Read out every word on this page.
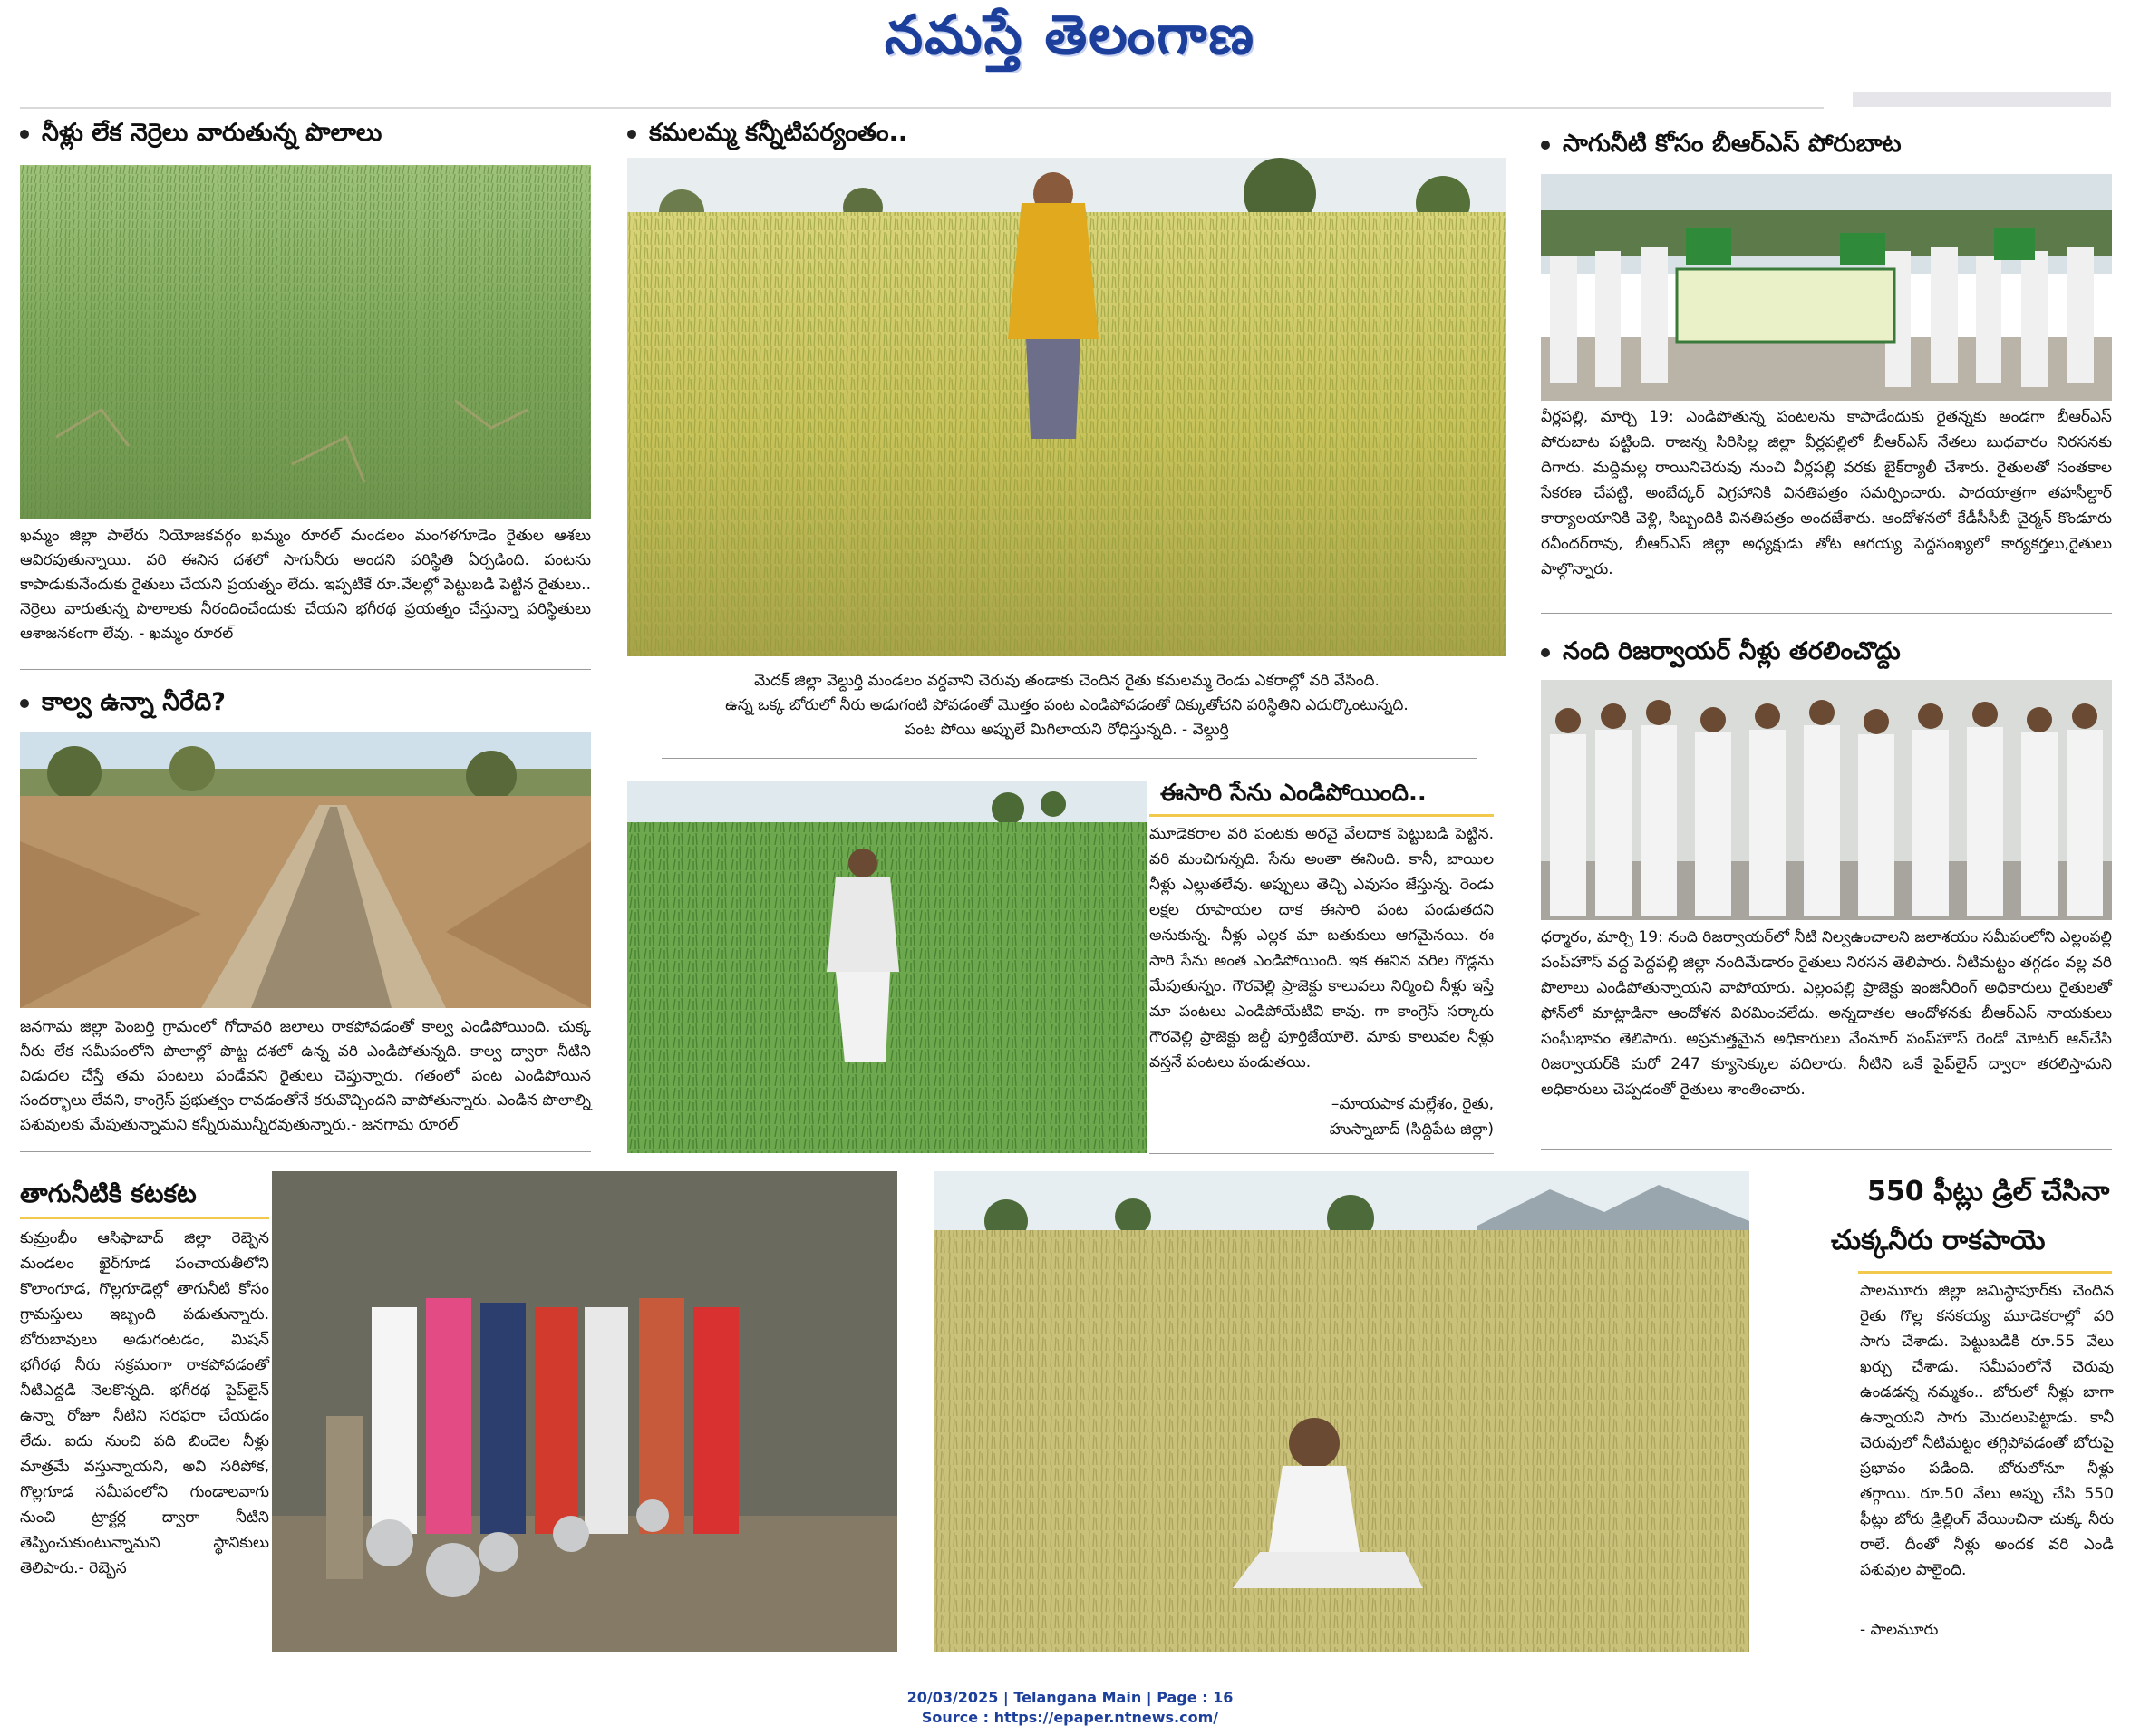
నమస్తే తెలంగాణ
నీళ్లు లేక నెర్రెలు వారుతున్న పొలాలు
ఖమ్మం జిల్లా పాలేరు నియోజకవర్గం ఖమ్మం రూరల్ మండలం మంగళగూడెం రైతుల ఆశలు ఆవిరవుతున్నాయి. వరి ఈనిన దశలో సాగునీరు అందని పరిస్థితి ఏర్పడింది. పంటను కాపాడుకునేందుకు రైతులు చేయని ప్రయత్నం లేదు. ఇప్పటికే రూ.వేలల్లో పెట్టుబడి పెట్టిన రైతులు.. నెర్రెలు వారుతున్న పొలాలకు నీరందించేందుకు చేయని భగీరథ ప్రయత్నం చేస్తున్నా పరిస్థితులు ఆశాజనకంగా లేవు. - ఖమ్మం రూరల్
కాల్వ ఉన్నా నీరేది?
జనగామ జిల్లా పెంబర్తి గ్రామంలో గోదావరి జలాలు రాకపోవడంతో కాల్వ ఎండిపోయింది. చుక్క నీరు లేక సమీపంలోని పొలాల్లో పొట్ట దశలో ఉన్న వరి ఎండిపోతున్నది. కాల్వ ద్వారా నీటిని విడుదల చేస్తే తమ పంటలు పండేవని రైతులు చెప్తున్నారు. గతంలో పంట ఎండిపోయిన సందర్భాలు లేవని, కాంగ్రెస్ ప్రభుత్వం రావడంతోనే కరువొచ్చిందని వాపోతున్నారు. ఎండిన పొలాల్ని పశువులకు మేపుతున్నామని కన్నీరుమున్నీరవుతున్నారు.- జనగామ రూరల్
కమలమ్మ కన్నీటిపర్యంతం..
మెదక్ జిల్లా వెల్దుర్తి మండలం వర్దవాని చెరువు తండాకు చెందిన రైతు కమలమ్మ రెండు ఎకరాల్లో వరి వేసింది.
ఉన్న ఒక్క బోరులో నీరు అడుగంటి పోవడంతో మొత్తం పంట ఎండిపోవడంతో దిక్కుతోచని పరిస్థితిని ఎదుర్కొంటున్నది.
పంట పోయి అప్పులే మిగిలాయని రోధిస్తున్నది. - వెల్దుర్తి
ఈసారి సేను ఎండిపోయింది..
మూడెకరాల వరి పంటకు అరవై వేలదాక పెట్టుబడి పెట్టిన. వరి మంచిగున్నది. సేను అంతా ఈనింది. కానీ, బాయిల నీళ్లు ఎల్లుతలేవు. అప్పులు తెచ్చి ఎవుసం జేస్తున్న. రెండు లక్షల రూపాయల దాక ఈసారి పంట పండుతదని అనుకున్న. నీళ్లు ఎల్లక మా బతుకులు ఆగమైనయి. ఈ సారి సేను అంత ఎండిపోయింది. ఇక ఈనిన వరిల గొడ్లను మేపుతున్నం. గౌరవెల్లి ప్రాజెక్టు కాలువలు నిర్మించి నీళ్లు ఇస్తే మా పంటలు ఎండిపోయేటివి కావు. గా కాంగ్రెస్ సర్కారు గౌరవెల్లి ప్రాజెక్టు జల్దీ పూర్తిజేయాలె. మాకు కాలువల నీళ్లు వస్తనే పంటలు పండుతయి.
–మాయపాక మల్లేశం, రైతు,
హుస్నాబాద్ (సిద్దిపేట జిల్లా)
సాగునీటి కోసం బీఆర్ఎస్ పోరుబాట
వీర్లపల్లి, మార్చి 19: ఎండిపోతున్న పంటలను కాపాడేందుకు రైతన్నకు అండగా బీఆర్ఎస్ పోరుబాట పట్టింది. రాజన్న సిరిసిల్ల జిల్లా వీర్లపల్లిలో బీఆర్ఎస్ నేతలు బుధవారం నిరసనకు దిగారు. మద్దిమల్ల రాయినిచెరువు నుంచి వీర్లపల్లి వరకు బైక్‌ర్యాలీ చేశారు. రైతులతో సంతకాల సేకరణ చేపట్టి, అంబేద్కర్ విగ్రహానికి వినతిపత్రం సమర్పించారు. పాదయాత్రగా తహసీల్దార్ కార్యాలయానికి వెళ్లి, సిబ్బందికి వినతిపత్రం అందజేశారు. ఆందోళనలో కేడీసీసీబీ చైర్మన్ కొండూరు రవీందర్‌రావు, బీఆర్ఎస్ జిల్లా అధ్యక్షుడు తోట ఆగయ్య పెద్దసంఖ్యలో కార్యకర్తలు,రైతులు పాల్గొన్నారు.
నంది రిజర్వాయర్ నీళ్లు తరలించొద్దు
ధర్మారం, మార్చి 19: నంది రిజర్వాయర్‌లో నీటి నిల్వఉంచాలని జలాశయం సమీపంలోని ఎల్లంపల్లి పంప్‌హౌస్ వద్ద పెద్దపల్లి జిల్లా నందిమేడారం రైతులు నిరసన తెలిపారు. నీటిమట్టం తగ్గడం వల్ల వరి పొలాలు ఎండిపోతున్నాయని వాపోయారు. ఎల్లంపల్లి ప్రాజెక్టు ఇంజినీరింగ్ అధికారులు రైతులతో ఫోన్‌లో మాట్లాడినా ఆందోళన విరమించలేదు. అన్నదాతల ఆందోళనకు బీఆర్ఎస్ నాయకులు సంఘీభావం తెలిపారు. అప్రమత్తమైన అధికారులు వేంనూర్ పంప్‌హౌస్ రెండో మోటర్ ఆన్‌చేసి రిజర్వాయర్‌కి మరో 247 క్యూసెక్కుల వదిలారు. నీటిని ఒకే పైప్‌లైన్ ద్వారా తరలిస్తామని అధికారులు చెప్పడంతో రైతులు శాంతించారు.
తాగునీటికి కటకట
కుమ్రంభీం ఆసిఫాబాద్ జిల్లా రెబ్బెన మండలం ఖైర్‌గూడ పంచాయతీలోని కొలాంగూడ, గొల్లగూడెల్లో తాగునీటి కోసం గ్రామస్తులు ఇబ్బంది పడుతున్నారు. బోరుబావులు అడుగంటడం, మిషన్ భగీరథ నీరు సక్రమంగా రాకపోవడంతో నీటిఎద్దడి నెలకొన్నది. భగీరథ పైప్‌లైన్ ఉన్నా రోజూ నీటిని సరఫరా చేయడం లేదు. ఐదు నుంచి పది బిందెల నీళ్లు మాత్రమే వస్తున్నాయని, అవి సరిపోక, గొల్లగూడ సమీపంలోని గుండాలవాగు నుంచి ట్రాక్టర్ల ద్వారా నీటిని తెప్పించుకుంటున్నామని స్థానికులు తెలిపారు.- రెబ్బెన
550 ఫీట్లు డ్రిల్ చేసినా
చుక్కనీరు రాకపాయె
పాలమూరు జిల్లా జమిస్థాపూర్‌కు చెందిన రైతు గొల్ల కనకయ్య మూడెకరాల్లో వరి సాగు చేశాడు. పెట్టుబడికి రూ.55 వేలు ఖర్చు చేశాడు. సమీపంలోనే చెరువు ఉండడన్న నమ్మకం.. బోరులో నీళ్లు బాగా ఉన్నాయని సాగు మొదలుపెట్టాడు. కానీ చెరువులో నీటిమట్టం తగ్గిపోవడంతో బోరుపై ప్రభావం పడింది. బోరులోనూ నీళ్లు తగ్గాయి. రూ.50 వేలు అప్పు చేసి 550 ఫీట్లు బోరు డ్రిల్లింగ్ వేయించినా చుక్క నీరు రాలే. దీంతో నీళ్లు అందక వరి ఎండి పశువుల పాలైంది.
- పాలమూరు
20/03/2025 | Telangana Main | Page : 16
Source : https://epaper.ntnews.com/
